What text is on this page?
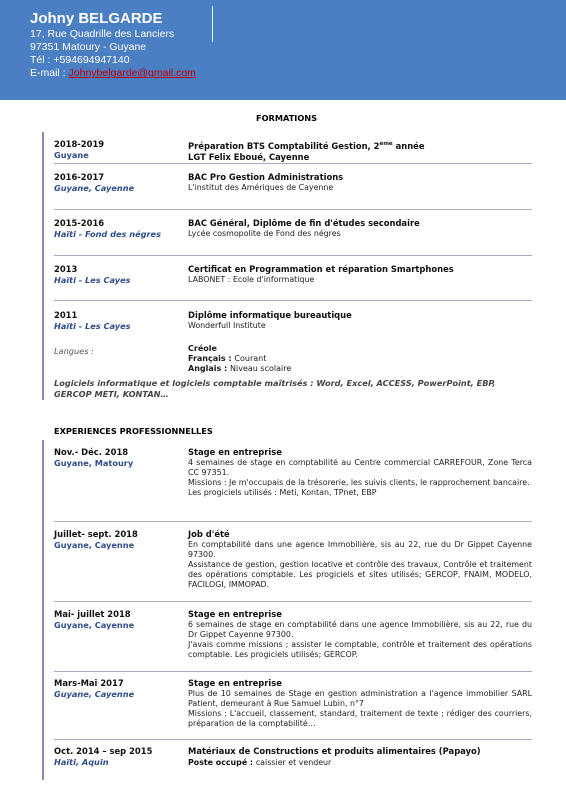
Johny BELGARDE
17, Rue Quadrille des Lanciers
97351 Matoury - Guyane
Tél : +594694947140
E-mail : Johnybelgarde@gmail.com
FORMATIONS
2018-2019
Guyane
Préparation BTS Comptabilité Gestion, 2ème année
LGT Felix Eboué, Cayenne
2016-2017
Guyane, Cayenne
BAC Pro Gestion Administrations
L'institut des Amériques de Cayenne
2015-2016
Haïti - Fond des négres
BAC Général, Diplôme de fin d'études secondaire
Lycée cosmopolite de Fond des négres
2013
Haïti - Les Cayes
Certificat en Programmation et réparation Smartphones
LABONET : Ecole d'informatique
2011
Haïti - Les Cayes
Diplôme informatique bureautique
Wonderfull Institute
Langues :	Créole
Français : Courant
Anglais : Niveau scolaire
Logiciels informatique et logiciels comptable maîtrisés : Word, Excel, ACCESS, PowerPoint, EBP, GERCOP METI, KONTAN…
EXPERIENCES PROFESSIONNELLES
Nov.- Déc. 2018
Guyane, Matoury
Stage en entreprise
4 semaines de stage en comptabilité au Centre commercial CARREFOUR, Zone Terca CC 97351.
Missions : Je m'occupais de la trésorerie, les suivis clients, le rapprochement bancaire.
Les progiciels utilisés : Meti, Kontan, TPnet, EBP
Juillet- sept. 2018
Guyane, Cayenne
Job d'été
En comptabilité dans une agence Immobilière, sis au 22, rue du Dr Gippet Cayenne 97300.
Assistance de gestion, gestion locative et contrôle des travaux, Contrôle et traitement des opérations comptable. Les progiciels et sites utilisés; GERCOP, FNAIM, MODELO, FACILOGI, IMMOPAD.
Mai- juillet 2018
Guyane, Cayenne
Stage en entreprise
6 semaines de stage en comptabilité dans une agence Immobilière, sis au 22, rue du Dr Gippet Cayenne 97300.
J'avais comme missions ; assister le comptable, contrôle et traitement des opérations comptable. Les progiciels utilisés; GERCOP.
Mars-Mai 2017
Guyane, Cayenne
Stage en entreprise
Plus de 10 semaines de Stage en gestion administration a l'agence immobilier SARL Patient, demeurant à Rue Samuel Lubin, n°7
Missions : L'accueil, classement, standard, traitement de texte ; rédiger des courriers, préparation de la comptabilité…
Oct. 2014 – sep 2015
Haïti, Aquin
Matériaux de Constructions et produits alimentaires (Papayo)
Poste occupé : caissier et vendeur
